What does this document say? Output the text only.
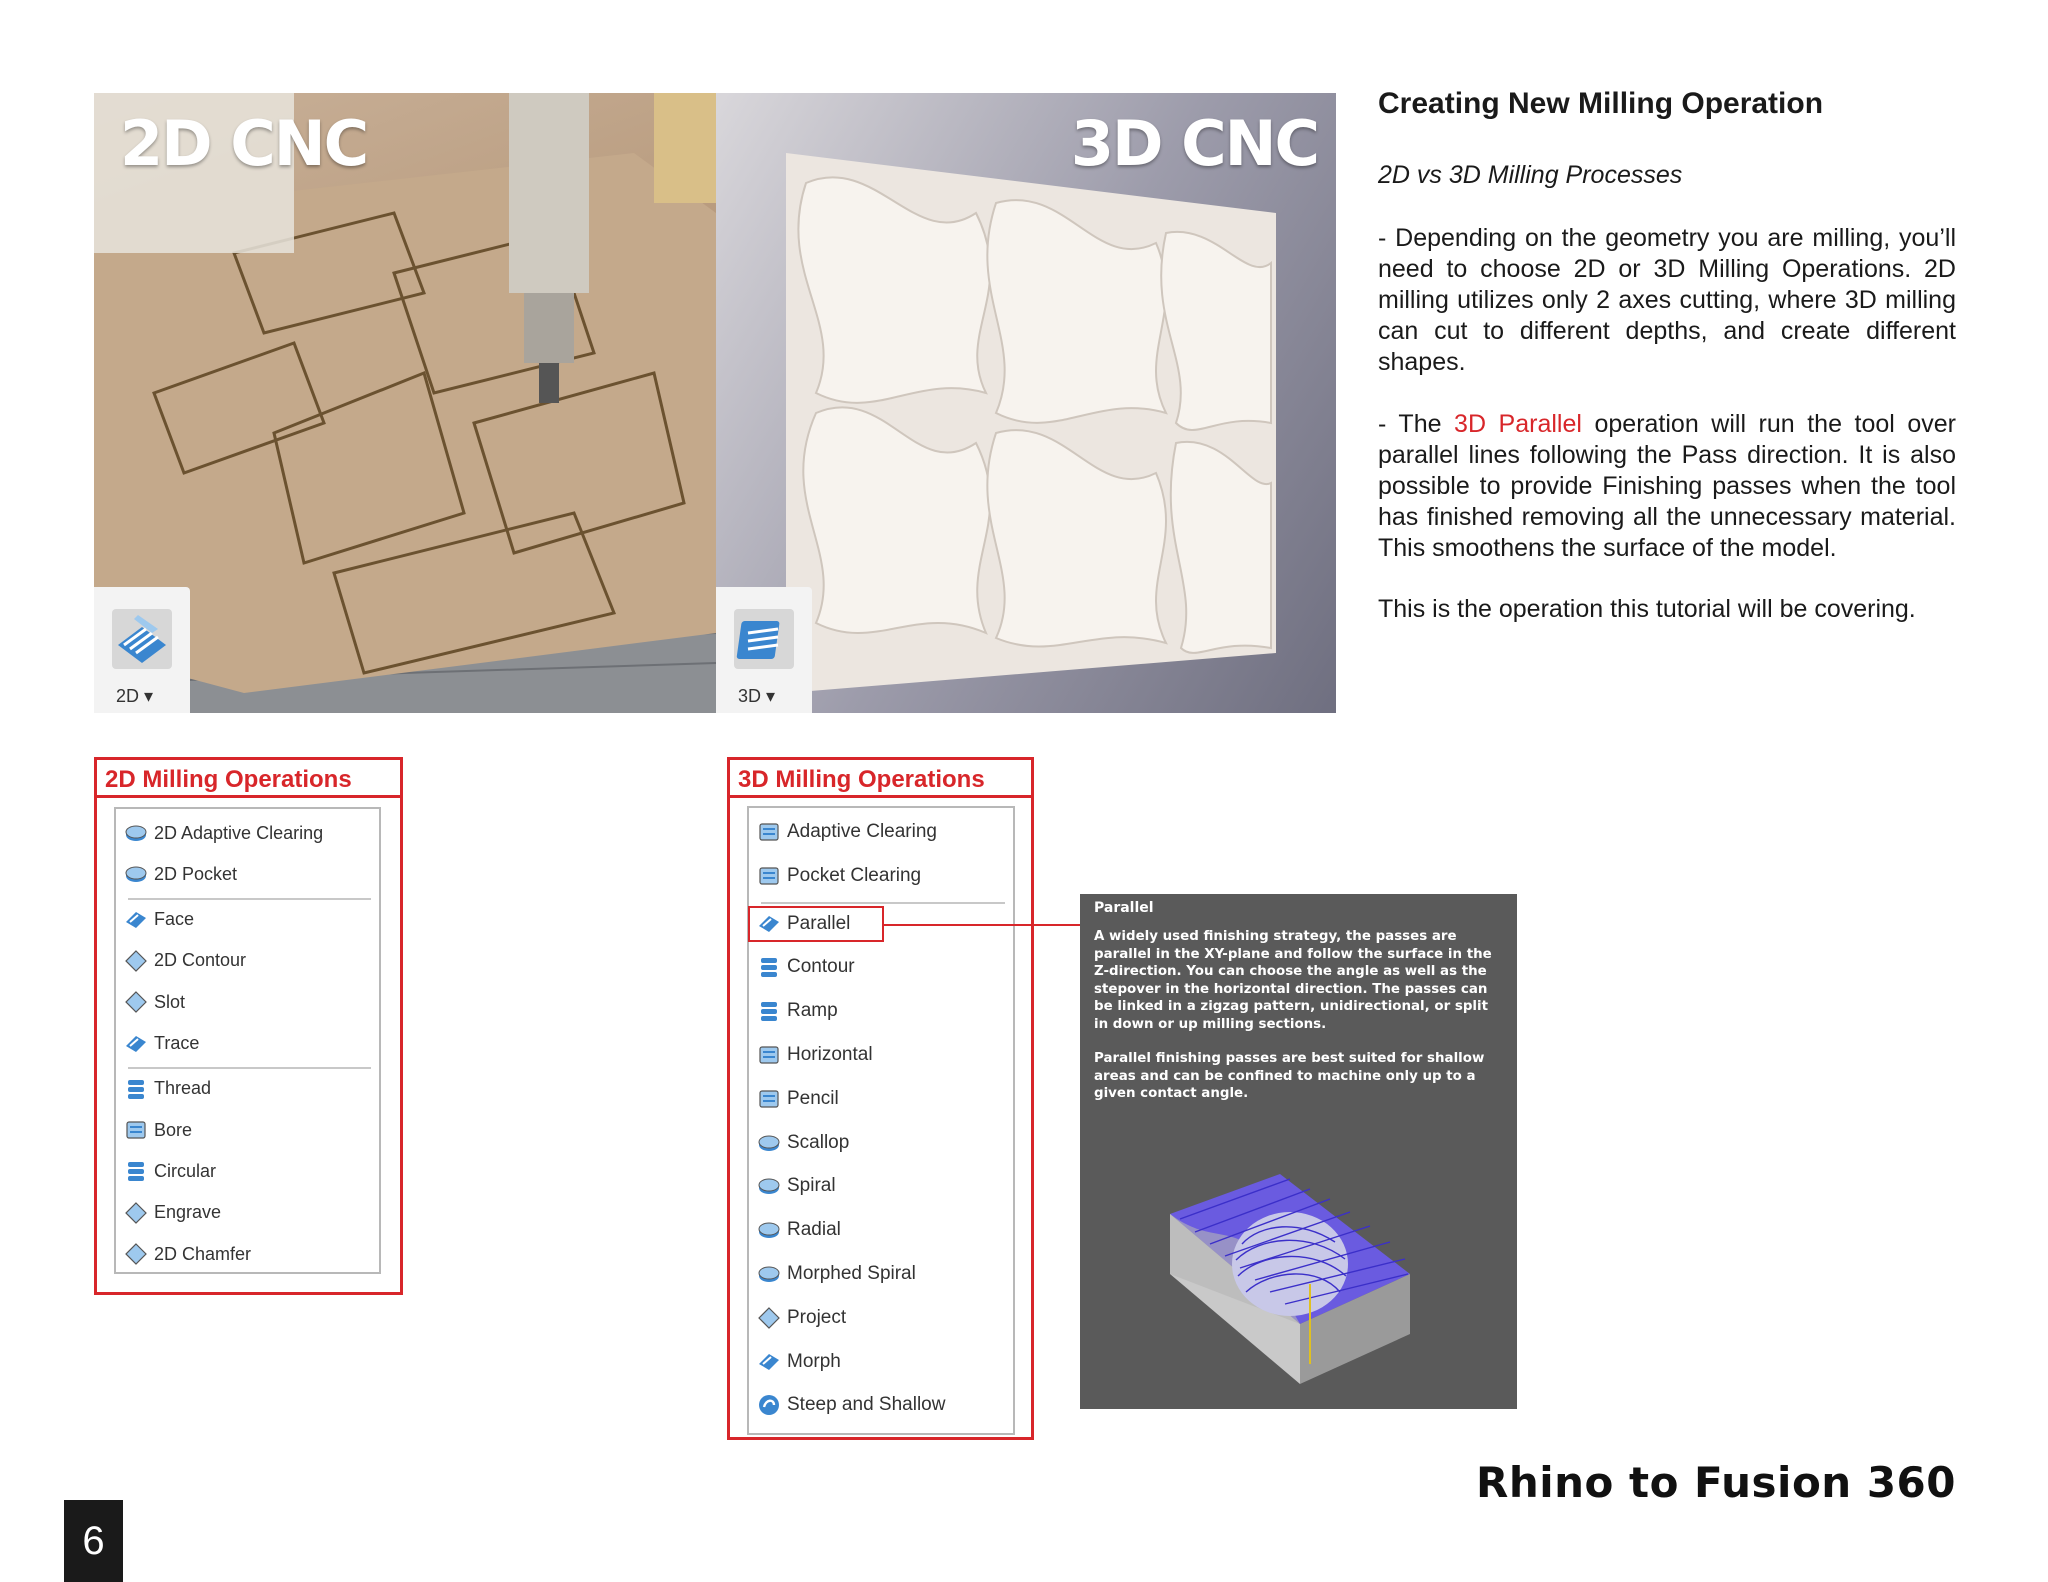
2D CNC
2D ▾
3D CNC
3D ▾
Creating New Milling Operation
2D vs 3D Milling Processes
- Depending on the geometry you are milling, you’ll need to choose 2D or 3D Milling Operations. 2D milling utilizes only 2 axes cutting, where 3D milling can cut to different depths, and create different shapes.
- The 3D Parallel operation will run the tool over parallel lines following the Pass direction. It is also possible to provide Finishing passes when the tool has finished removing all the unnecessary material. This smoothens the surface of the model.
This is the operation this tutorial will be covering.
2D Milling Operations
2D Adaptive Clearing
2D Pocket
Face
2D Contour
Slot
Trace
Thread
Bore
Circular
Engrave
2D Chamfer
3D Milling Operations
Adaptive Clearing
Pocket Clearing
Parallel
Contour
Ramp
Horizontal
Pencil
Scallop
Spiral
Radial
Morphed Spiral
Project
Morph
Steep and Shallow
Parallel
A widely used finishing strategy, the passes are parallel in the XY-plane and follow the surface in the Z-direction. You can choose the angle as well as the stepover in the horizontal direction. The passes can be linked in a zigzag pattern, unidirectional, or split in down or up milling sections.
Parallel finishing passes are best suited for shallow areas and can be confined to machine only up to a given contact angle.
Rhino to Fusion 360
6
